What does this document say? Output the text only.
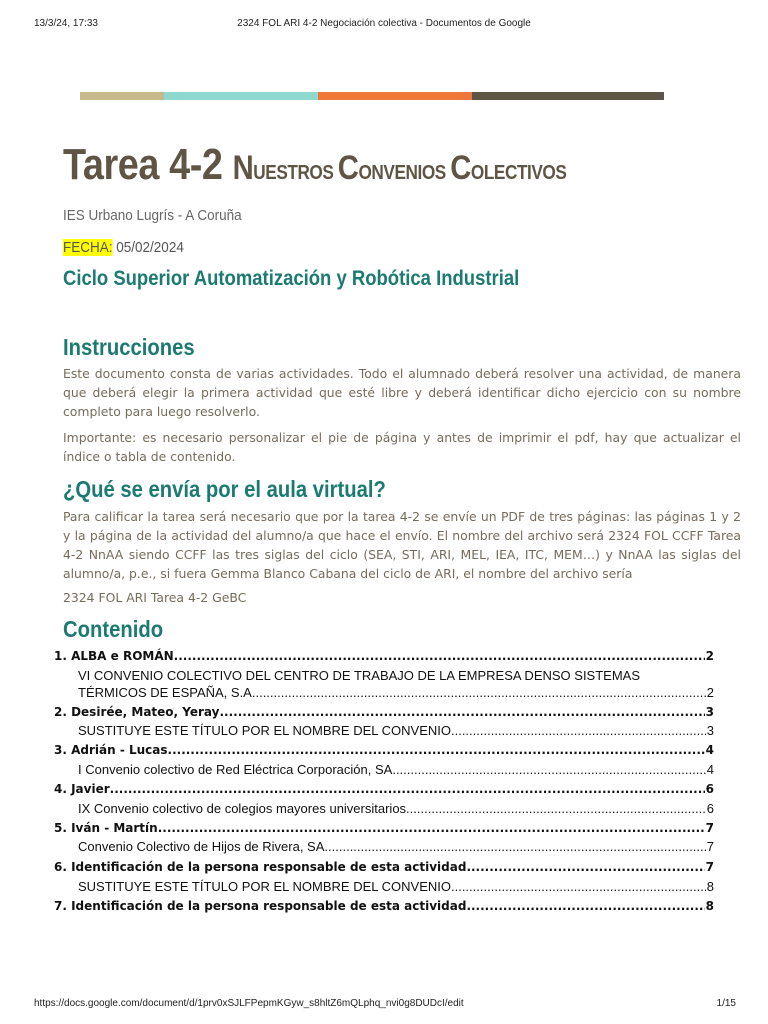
13/3/24, 17:33	2324 FOL ARI 4-2 Negociación colectiva - Documentos de Google
Tarea 4-2 NUESTROS CONVENIOS COLECTIVOS
IES Urbano Lugrís - A Coruña
FECHA: 05/02/2024
Ciclo Superior Automatización y Robótica Industrial
Instrucciones

Este documento consta de varias actividades. Todo el alumnado deberá resolver una actividad, de manera que deberá elegir la primera actividad que esté libre y deberá identificar dicho ejercicio con su nombre completo para luego resolverlo.

Importante: es necesario personalizar el pie de página y antes de imprimir el pdf, hay que actualizar el índice o tabla de contenido.

¿Qué se envía por el aula virtual?

Para calificar la tarea será necesario que por la tarea 4-2 se envíe un PDF de tres páginas: las páginas 1 y 2 y la página de la actividad del alumno/a que hace el envío. El nombre del archivo será 2324 FOL CCFF Tarea 4-2 NnAA siendo CCFF las tres siglas del ciclo (SEA, STI, ARI, MEL, IEA, ITC, MEM…) y NnAA las siglas del alumno/a, p.e., si fuera Gemma Blanco Cabana del ciclo de ARI, el nombre del archivo sería

2324 FOL ARI Tarea 4-2 GeBC

Contenido
1. ALBA e ROMÁN .....	2
VI CONVENIO COLECTIVO DEL CENTRO DE TRABAJO DE LA EMPRESA DENSO SISTEMAS
TÉRMICOS DE ESPAÑA, S.A. .....	2
2. Desirée, Mateo, Yeray .....	3
SUSTITUYE ESTE TÍTULO POR EL NOMBRE DEL CONVENIO .....	3
3. Adrián - Lucas .....	4
I Convenio colectivo de Red Eléctrica Corporación, SA .....	4
4. Javier .....	6
IX Convenio colectivo de colegios mayores universitarios .....	6
5. Iván - Martín .....	7
Convenio Colectivo de Hijos de Rivera, SA .....	7
6. Identificación de la persona responsable de esta actividad .....	7
SUSTITUYE ESTE TÍTULO POR EL NOMBRE DEL CONVENIO .....	8
7. Identificación de la persona responsable de esta actividad .....	8
https://docs.google.com/document/d/1prv0xSJLFPepmKGyw_s8hltZ6mQLphq_nvi0g8DUDcI/edit	1/15
